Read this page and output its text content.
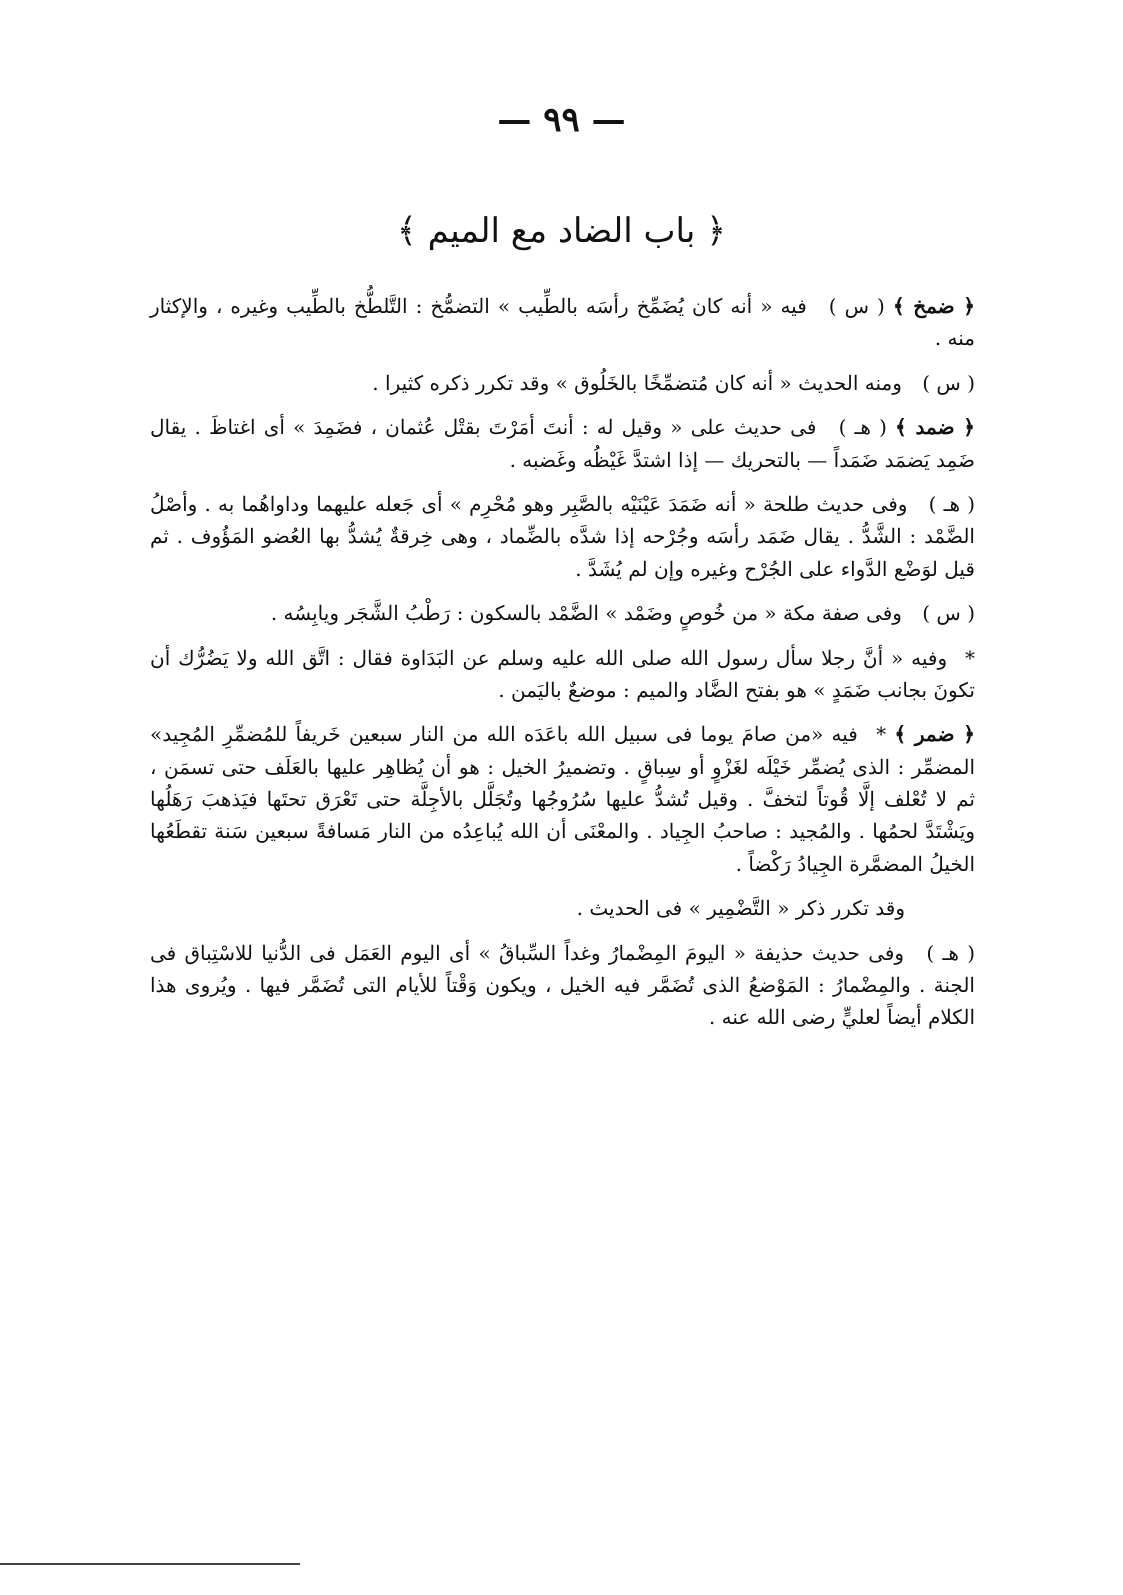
— ٩٩ —
﴿ باب الضاد مع الميم ﴾

﴿ ضمخ ﴾ ( س ) فيه « أنه كان يُضَمِّخ رأسَه بالطِّيب » التضمُّخ : التَّلطُّخ بالطِّيب وغيره ، والإكثار منه .

( س ) ومنه الحديث « أنه كان مُتضمِّخًا بالخَلُوق » وقد تكرر ذكره كثيرا .

﴿ ضمد ﴾ ( هـ ) فى حديث على « وقيل له : أنتَ أمَرْتَ بقتْل عُثمان ، فضَمِدَ » أى اغتاظَ . يقال ضَمِد يَضمَد ضَمَداً — بالتحريك — إذا اشتدَّ غَيْظُه وغَضبه .

( هـ ) وفى حديث طلحة « أنه ضَمَدَ عَيْنَيْه بالصَّبِر وهو مُحْرِم » أى جَعله عليهما وداواهُما به . وأصْلُ الضَّمْد : الشَّدُّ . يقال ضَمَد رأسَه وجُرْحه إذا شدَّه بالضِّماد ، وهى خِرقةٌ يُشدُّ بها العُضو المَؤُوف . ثم قيل لوَضْع الدَّواء على الجُرْح وغيره وإن لم يُشَدَّ .

( س ) وفى صفة مكة « من خُوصٍ وضَمْد » الضَّمْد بالسكون : رَطْبُ الشَّجَر ويابِسُه .

* وفيه « أنَّ رجلا سأل رسول الله صلى الله عليه وسلم عن البَدَاوة فقال : اتَّق الله ولا يَضُرُّك أن تكونَ بجانب ضَمَدٍ » هو بفتح الضَّاد والميم : موضعٌ باليَمن .

﴿ ضمر ﴾ * فيه «من صامَ يوما فى سبيل الله باعَدَه الله من النار سبعين خَريفاً للمُضمِّرِ المُجِيد» المضمِّر : الذى يُضمِّر خَيْلَه لغَزْوٍ أو سِباقٍ . وتضميرُ الخيل : هو أن يُظاهِر عليها بالعَلَف حتى تسمَن ، ثم لا تُعْلف إلَّا قُوتاً لتخفَّ . وقيل تُشدُّ عليها سُرُوجُها وتُجَلَّل بالأجِلَّة حتى تَعْرَق تحتَها فيَذهبَ رَهَلُها ويَشْتَدَّ لحمُها . والمُجيد : صاحبُ الجِياد . والمعْنَى أن الله يُباعِدُه من النار مَسافةً سبعين سَنة تقطَعُها الخيلُ المضمَّرة الجِيادُ رَكْضاً .

وقد تكرر ذكر « التَّضْمِير » فى الحديث .

( هـ ) وفى حديث حذيفة « اليومَ المِضْمارُ وغداً السِّباقُ » أى اليوم العَمَل فى الدُّنيا للاسْتِباق فى الجنة . والمِضْمارُ : المَوْضعُ الذى تُضَمَّر فيه الخيل ، ويكون وَقْتاً للأيام التى تُضَمَّر فيها . ويُروى هذا الكلام أيضاً لعليٍّ رضى الله عنه .
